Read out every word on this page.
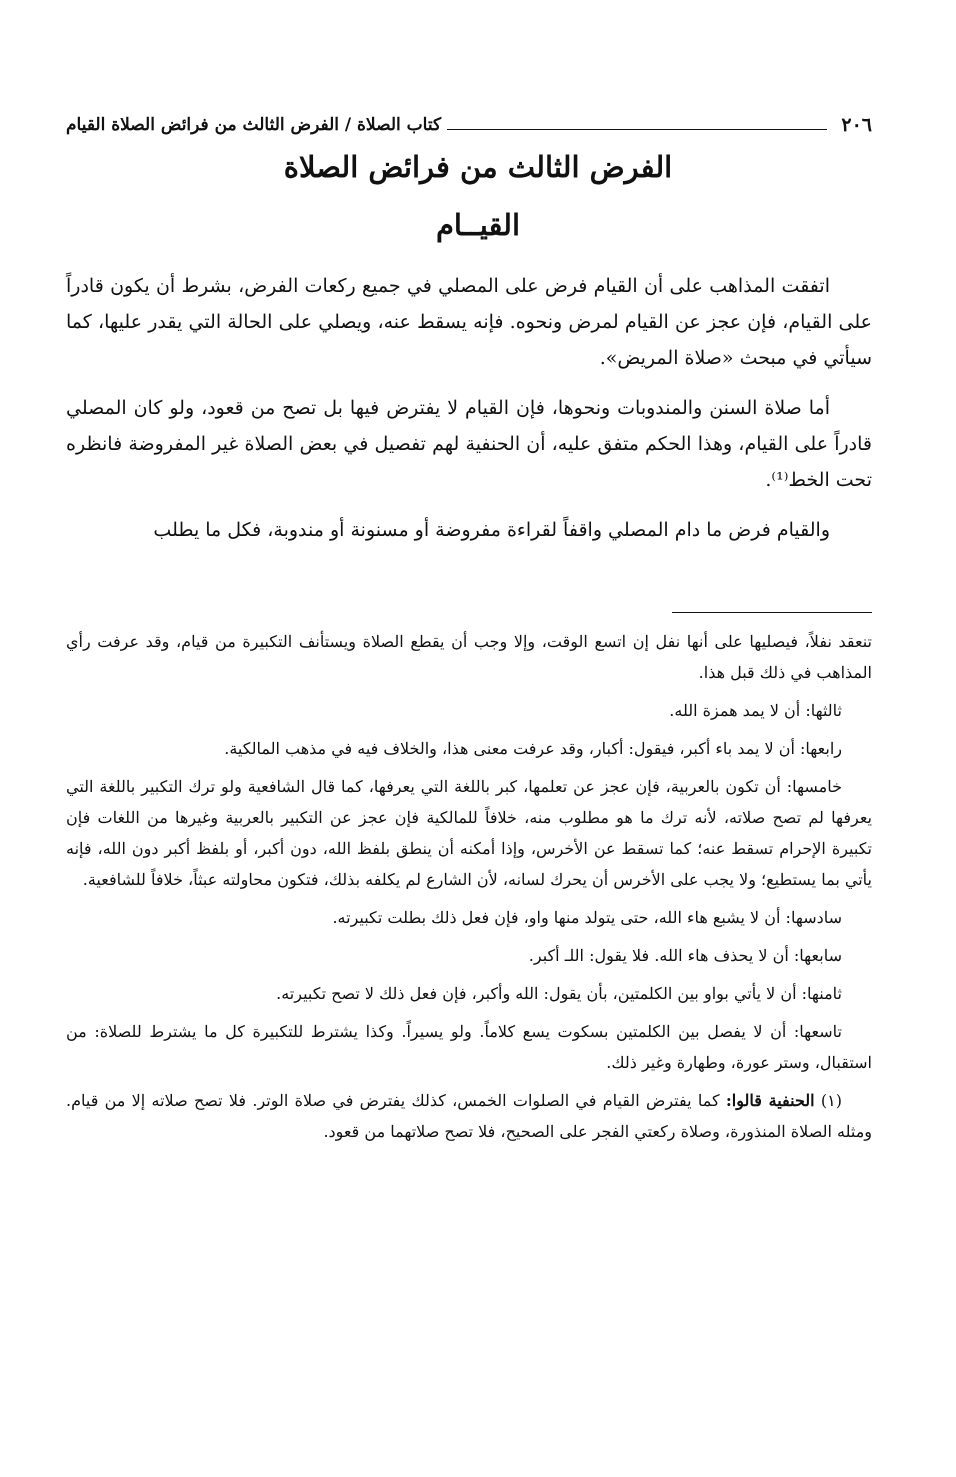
٢٠٦
كتاب الصلاة / الفرض الثالث من فرائض الصلاة القيام
الفرض الثالث من فرائض الصلاة
القيــام

اتفقت المذاهب على أن القيام فرض على المصلي في جميع ركعات الفرض، بشرط أن يكون قادراً على القيام، فإن عجز عن القيام لمرض ونحوه. فإنه يسقط عنه، ويصلي على الحالة التي يقدر عليها، كما سيأتي في مبحث «صلاة المريض».

أما صلاة السنن والمندوبات ونحوها، فإن القيام لا يفترض فيها بل تصح من قعود، ولو كان المصلي قادراً على القيام، وهذا الحكم متفق عليه، أن الحنفية لهم تفصيل في بعض الصلاة غير المفروضة فانظره تحت الخط⁽¹⁾.

والقيام فرض ما دام المصلي واقفاً لقراءة مفروضة أو مسنونة أو مندوبة، فكل ما يطلب

تنعقد نفلاً، فيصليها على أنها نفل إن اتسع الوقت، وإلا وجب أن يقطع الصلاة ويستأنف التكبيرة من قيام، وقد عرفت رأي المذاهب في ذلك قبل هذا.

ثالثها: أن لا يمد همزة الله.

رابعها: أن لا يمد باء أكبر، فيقول: أكبار، وقد عرفت معنى هذا، والخلاف فيه في مذهب المالكية.

خامسها: أن تكون بالعربية، فإن عجز عن تعلمها، كبر باللغة التي يعرفها، كما قال الشافعية ولو ترك التكبير باللغة التي يعرفها لم تصح صلاته، لأنه ترك ما هو مطلوب منه، خلافاً للمالكية فإن عجز عن التكبير بالعربية وغيرها من اللغات فإن تكبيرة الإحرام تسقط عنه؛ كما تسقط عن الأخرس، وإذا أمكنه أن ينطق بلفظ الله، دون أكبر، أو بلفظ أكبر دون الله، فإنه يأتي بما يستطيع؛ ولا يجب على الأخرس أن يحرك لسانه، لأن الشارع لم يكلفه بذلك، فتكون محاولته عبثاً، خلافاً للشافعية.

سادسها: أن لا يشبع هاء الله، حتى يتولد منها واو، فإن فعل ذلك بطلت تكبيرته.

سابعها: أن لا يحذف هاء الله. فلا يقول: اللـ أكبر.

ثامنها: أن لا يأتي بواو بين الكلمتين، بأن يقول: الله وأكبر، فإن فعل ذلك لا تصح تكبيرته.

تاسعها: أن لا يفصل بين الكلمتين بسكوت يسع كلاماً. ولو يسيراً. وكذا يشترط للتكبيرة كل ما يشترط للصلاة: من استقبال، وستر عورة، وطهارة وغير ذلك.

(١) الحنفية قالوا: كما يفترض القيام في الصلوات الخمس، كذلك يفترض في صلاة الوتر. فلا تصح صلاته إلا من قيام. ومثله الصلاة المنذورة، وصلاة ركعتي الفجر على الصحيح، فلا تصح صلاتهما من قعود.
